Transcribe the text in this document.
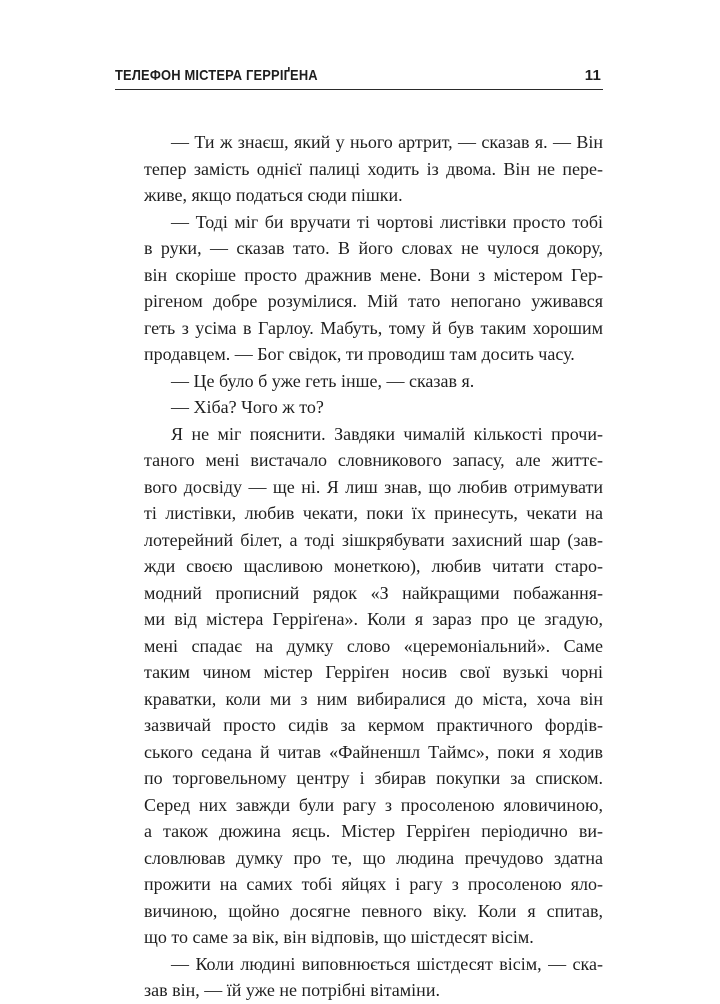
ТЕЛЕФОН МІСТЕРА ГЕРРІҐЕНА	11

— Ти ж знаєш, який у нього артрит, — сказав я. — Він
тепер замість однієї палиці ходить із двома. Він не пере-
живе, якщо податься сюди пішки.

— Тоді міг би вручати ті чортові листівки просто тобі
в руки, — сказав тато. В його словах не чулося докору,
він скоріше просто дражнив мене. Вони з містером Гер-
рігеном добре розумілися. Мій тато непогано уживався
геть з усіма в Гарлоу. Мабуть, тому й був таким хорошим
продавцем. — Бог свідок, ти проводиш там досить часу.

— Це було б уже геть інше, — сказав я.

— Хіба? Чого ж то?

Я не міг пояснити. Завдяки чималій кількості прочи-
таного мені вистачало словникового запасу, але життє-
вого досвіду — ще ні. Я лиш знав, що любив отримувати
ті листівки, любив чекати, поки їх принесуть, чекати на
лотерейний білет, а тоді зішкрябувати захисний шар (зав-
жди своєю щасливою монеткою), любив читати старо-
модний прописний рядок «З найкращими побажання-
ми від містера Герріґена». Коли я зараз про це згадую,
мені спадає на думку слово «церемоніальний». Саме
таким чином містер Герріґен носив свої вузькі чорні
краватки, коли ми з ним вибиралися до міста, хоча він
зазвичай просто сидів за кермом практичного фордів-
ського седана й читав «Файненшл Таймс», поки я ходив
по торговельному центру і збирав покупки за списком.
Серед них завжди були рагу з просоленою яловичиною,
а також дюжина яєць. Містер Герріґен періодично ви-
словлював думку про те, що людина пречудово здатна
прожити на самих тобі яйцях і рагу з просоленою яло-
вичиною, щойно досягне певного віку. Коли я спитав,
що то саме за вік, він відповів, що шістдесят вісім.

— Коли людині виповнюється шістдесят вісім, — ска-
зав він, — їй уже не потрібні вітаміни.
